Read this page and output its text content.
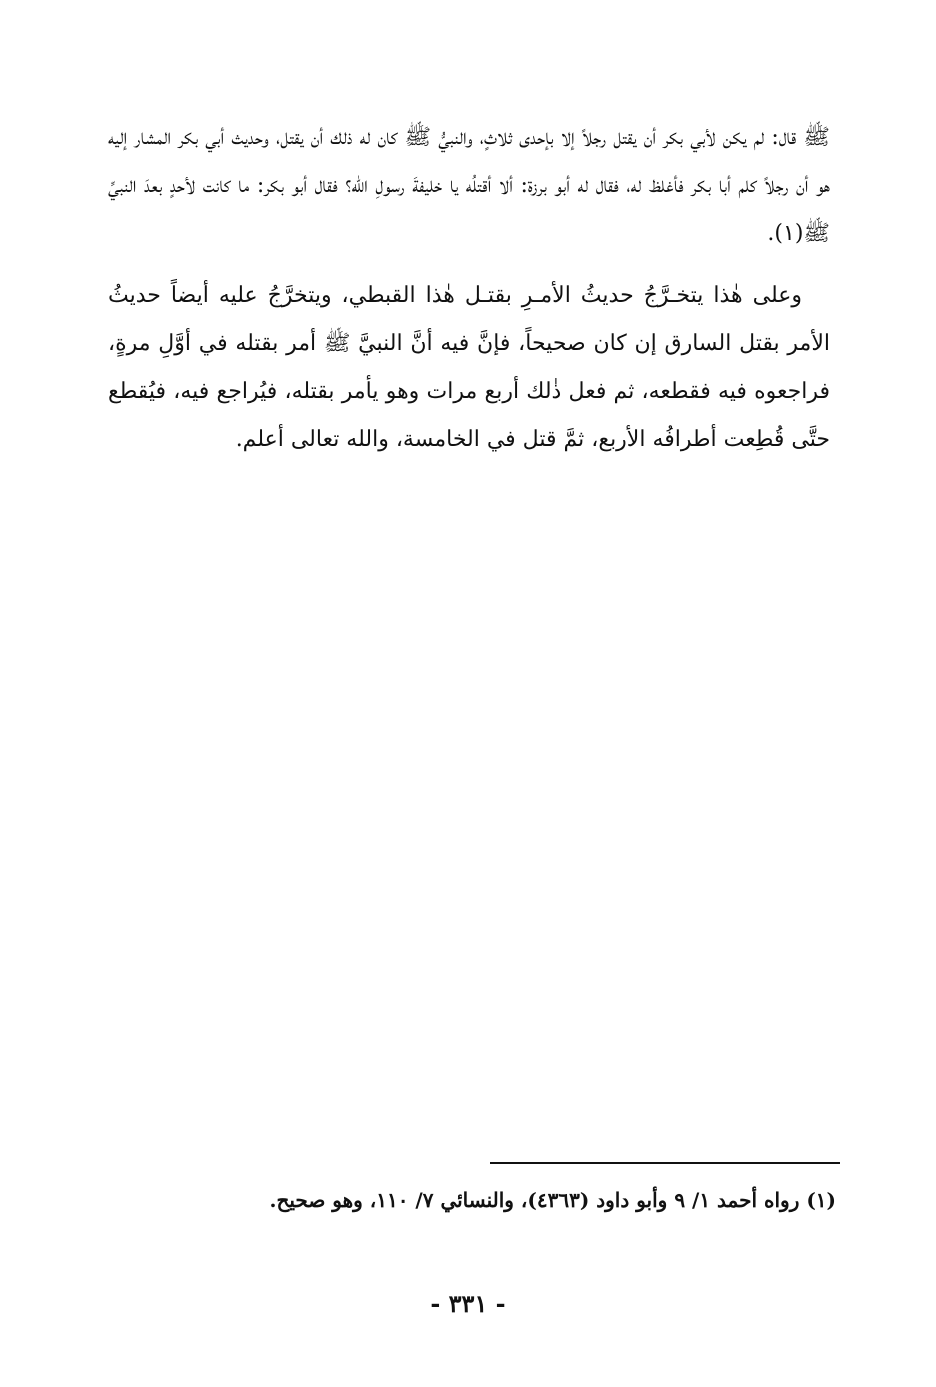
ﷺ قال: لم يكن لأبي بكر أن يقتل رجلاً إلا بإحدى ثلاثٍ، والنبيُّ ﷺ كان له ذلك أن يقتل، وحديث أبي بكر المشار إليه هو أن رجلاً كلم أبا بكر فأغلظ له، فقال له أبو برزة: ألا أقتلُه يا خليفةَ رسولِ الله؟ فقال أبو بكر: ما كانت لأحدٍ بعدَ النبيِّ ﷺ(١).

وعلى هٰذا يتخـرَّجُ حديثُ الأمـرِ بقتـل هٰذا القبطي، ويتخرَّجُ عليه أيضاً حديثُ الأمر بقتل السارق إن كان صحيحاً، فإنَّ فيه أنَّ النبيَّ ﷺ أمر بقتله في أوَّلِ مرةٍ، فراجعوه فيه فقطعه، ثم فعل ذٰلك أربع مرات وهو يأمر بقتله، فيُراجع فيه، فيُقطع حتَّى قُطِعت أطرافُه الأربع، ثمَّ قتل في الخامسة، والله تعالى أعلم.

(١) رواه أحمد ١/ ٩ وأبو داود (٤٣٦٣)، والنسائي ٧/ ١١٠، وهو صحيح.

- ٣٣١ -
